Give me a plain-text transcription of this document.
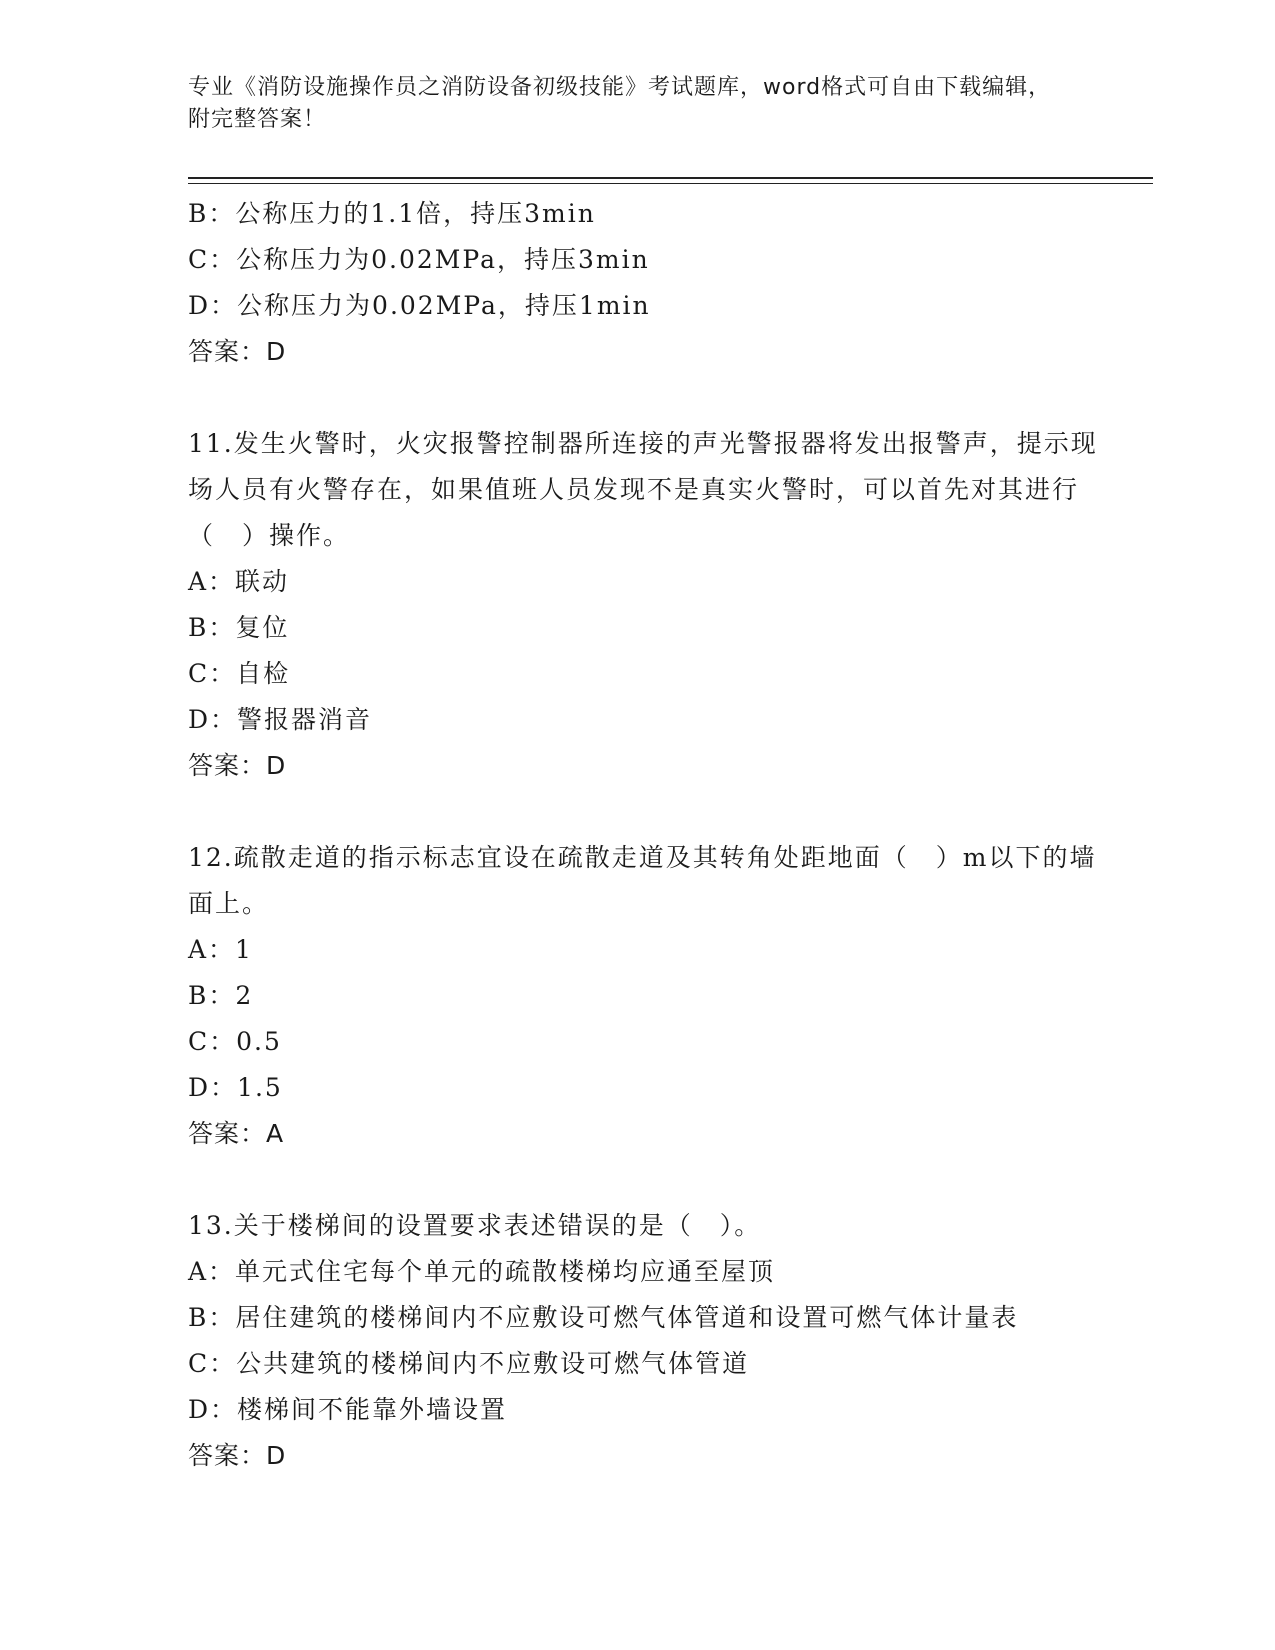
专业《消防设施操作员之消防设备初级技能》考试题库，word格式可自由下载编辑，附完整答案！
B：公称压力的1.1倍，持压3min
C：公称压力为0.02MPa，持压3min
D：公称压力为0.02MPa，持压1min
答案：D
11.发生火警时，火灾报警控制器所连接的声光警报器将发出报警声，提示现场人员有火警存在，如果值班人员发现不是真实火警时，可以首先对其进行（　）操作。
A：联动
B：复位
C：自检
D：警报器消音
答案：D
12.疏散走道的指示标志宜设在疏散走道及其转角处距地面（　）m以下的墙面上。
A：1
B：2
C：0.5
D：1.5
答案：A
13.关于楼梯间的设置要求表述错误的是（　）。
A：单元式住宅每个单元的疏散楼梯均应通至屋顶
B：居住建筑的楼梯间内不应敷设可燃气体管道和设置可燃气体计量表
C：公共建筑的楼梯间内不应敷设可燃气体管道
D：楼梯间不能靠外墙设置
答案：D
